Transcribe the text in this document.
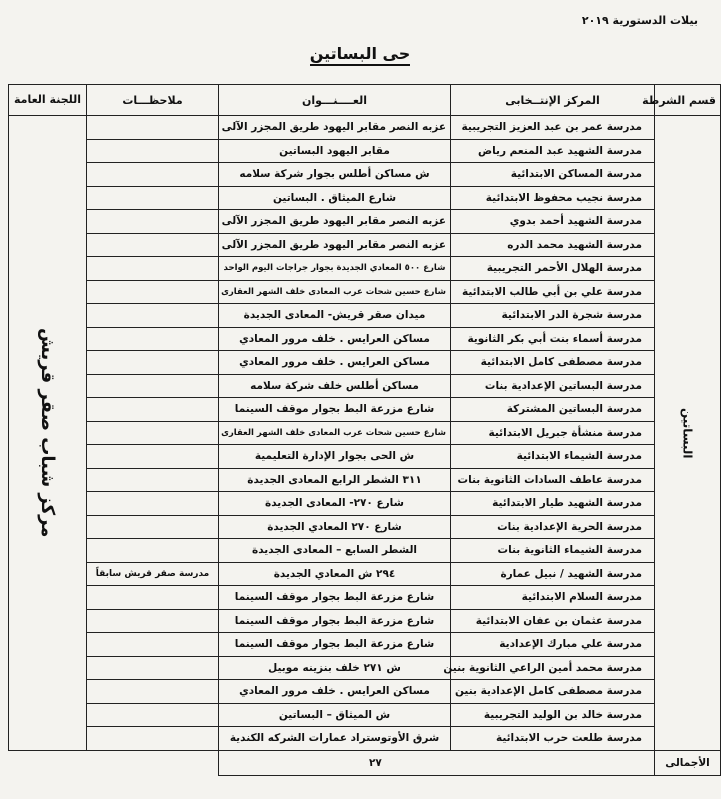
بيلات الدستورية ٢٠١٩
حى البساتين
قسم الشرطة	المركز الإنتــخابى	العــــنـــوان	ملاحظـــات	اللجنة العامة

البساتين	مدرسة عمر بن عبد العزيز التجريبية	عزبه النصر مقابر اليهود طريق المجزر الآلى		مركز شباب صقر قريش

	مدرسة الشهيد عبد المنعم رياض	مقابر اليهود البساتين		
	مدرسة المساكن الابتدائية	ش مساكن أطلس بجوار شركة سلامه		
	مدرسة نجيب محفوظ الابتدائية	شارع الميثاق . البساتين		
	مدرسة الشهيد أحمد بدوي	عزبه النصر مقابر اليهود طريق المجزر الآلى		
	مدرسة الشهيد محمد الدره	عزبه النصر مقابر اليهود طريق المجزر الآلى		
	مدرسة الهلال الأحمر التجريبية	شارع ٥٠٠ المعادي الجديدة بجوار جراجات اليوم الواحد		
	مدرسة علي بن أبي طالب الابتدائية	شارع حسين شحات عرب المعادى خلف الشهر العقارى		
	مدرسة شجرة الدر الابتدائية	ميدان صقر قريش- المعادى الجديدة		
	مدرسة أسماء بنت أبي بكر الثانوية	مساكن العرايس . خلف مرور المعادي		
	مدرسة مصطفى كامل الابتدائية	مساكن العرايس . خلف مرور المعادي		
	مدرسة البساتين الإعدادية بنات	مساكن أطلس خلف شركة سلامه		
	مدرسة البساتين المشتركة	شارع مزرعة البط بجوار موقف السينما		
	مدرسة منشأة جبريل الابتدائية	شارع حسين شحات عرب المعادى خلف الشهر العقارى		
	مدرسة الشيماء الابتدائية	ش الحى بجوار الإدارة التعليمية		
	مدرسة عاطف السادات الثانوية بنات	٣١١ الشطر الرابع المعادى الجديدة		
	مدرسة الشهيد طيار الابتدائية	شارع ٢٧٠- المعادى الجديدة		
	مدرسة الحرية الإعدادية بنات	شارع ٢٧٠ المعادي الجديدة		
	مدرسة الشيماء الثانوية بنات	الشطر السابع – المعادى الجديدة		
	مدرسة الشهيد / نبيل عمارة	٢٩٤ ش المعادي الجديدة	مدرسة صقر قريش سابقاً	
	مدرسة السلام الابتدائية	شارع مزرعة البط بجوار موقف السينما		
	مدرسة عثمان بن عفان الابتدائية	شارع مزرعة البط بجوار موقف السينما		
	مدرسة علي مبارك الإعدادية	شارع مزرعة البط بجوار موقف السينما		
	مدرسة محمد أمين الراعي الثانوية بنين	ش ٢٧١ خلف بنزينه موبيل		
	مدرسة مصطفى كامل الإعدادية بنين	مساكن العرايس . خلف مرور المعادي		
	مدرسة خالد بن الوليد التجريبية	ش الميثاق – البساتين		
	مدرسة طلعت حرب الابتدائية	شرق الأوتوستراد عمارات الشركه الكندية		
الأجمالى	٢٧			
